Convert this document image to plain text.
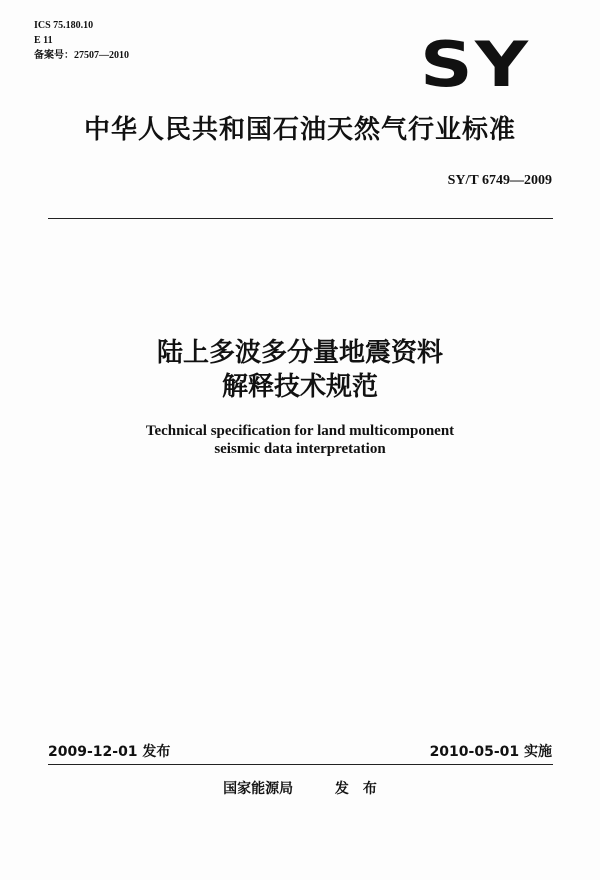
ICS 75.180.10
E 11
备案号：27507—2010	SY
中华人民共和国石油天然气行业标准
SY/T 6749—2009
陆上多波多分量地震资料
解释技术规范
Technical specification for land multicomponent
seismic data interpretation
2009-12-01 发布	2010-05-01 实施
国家能源局	发　布
